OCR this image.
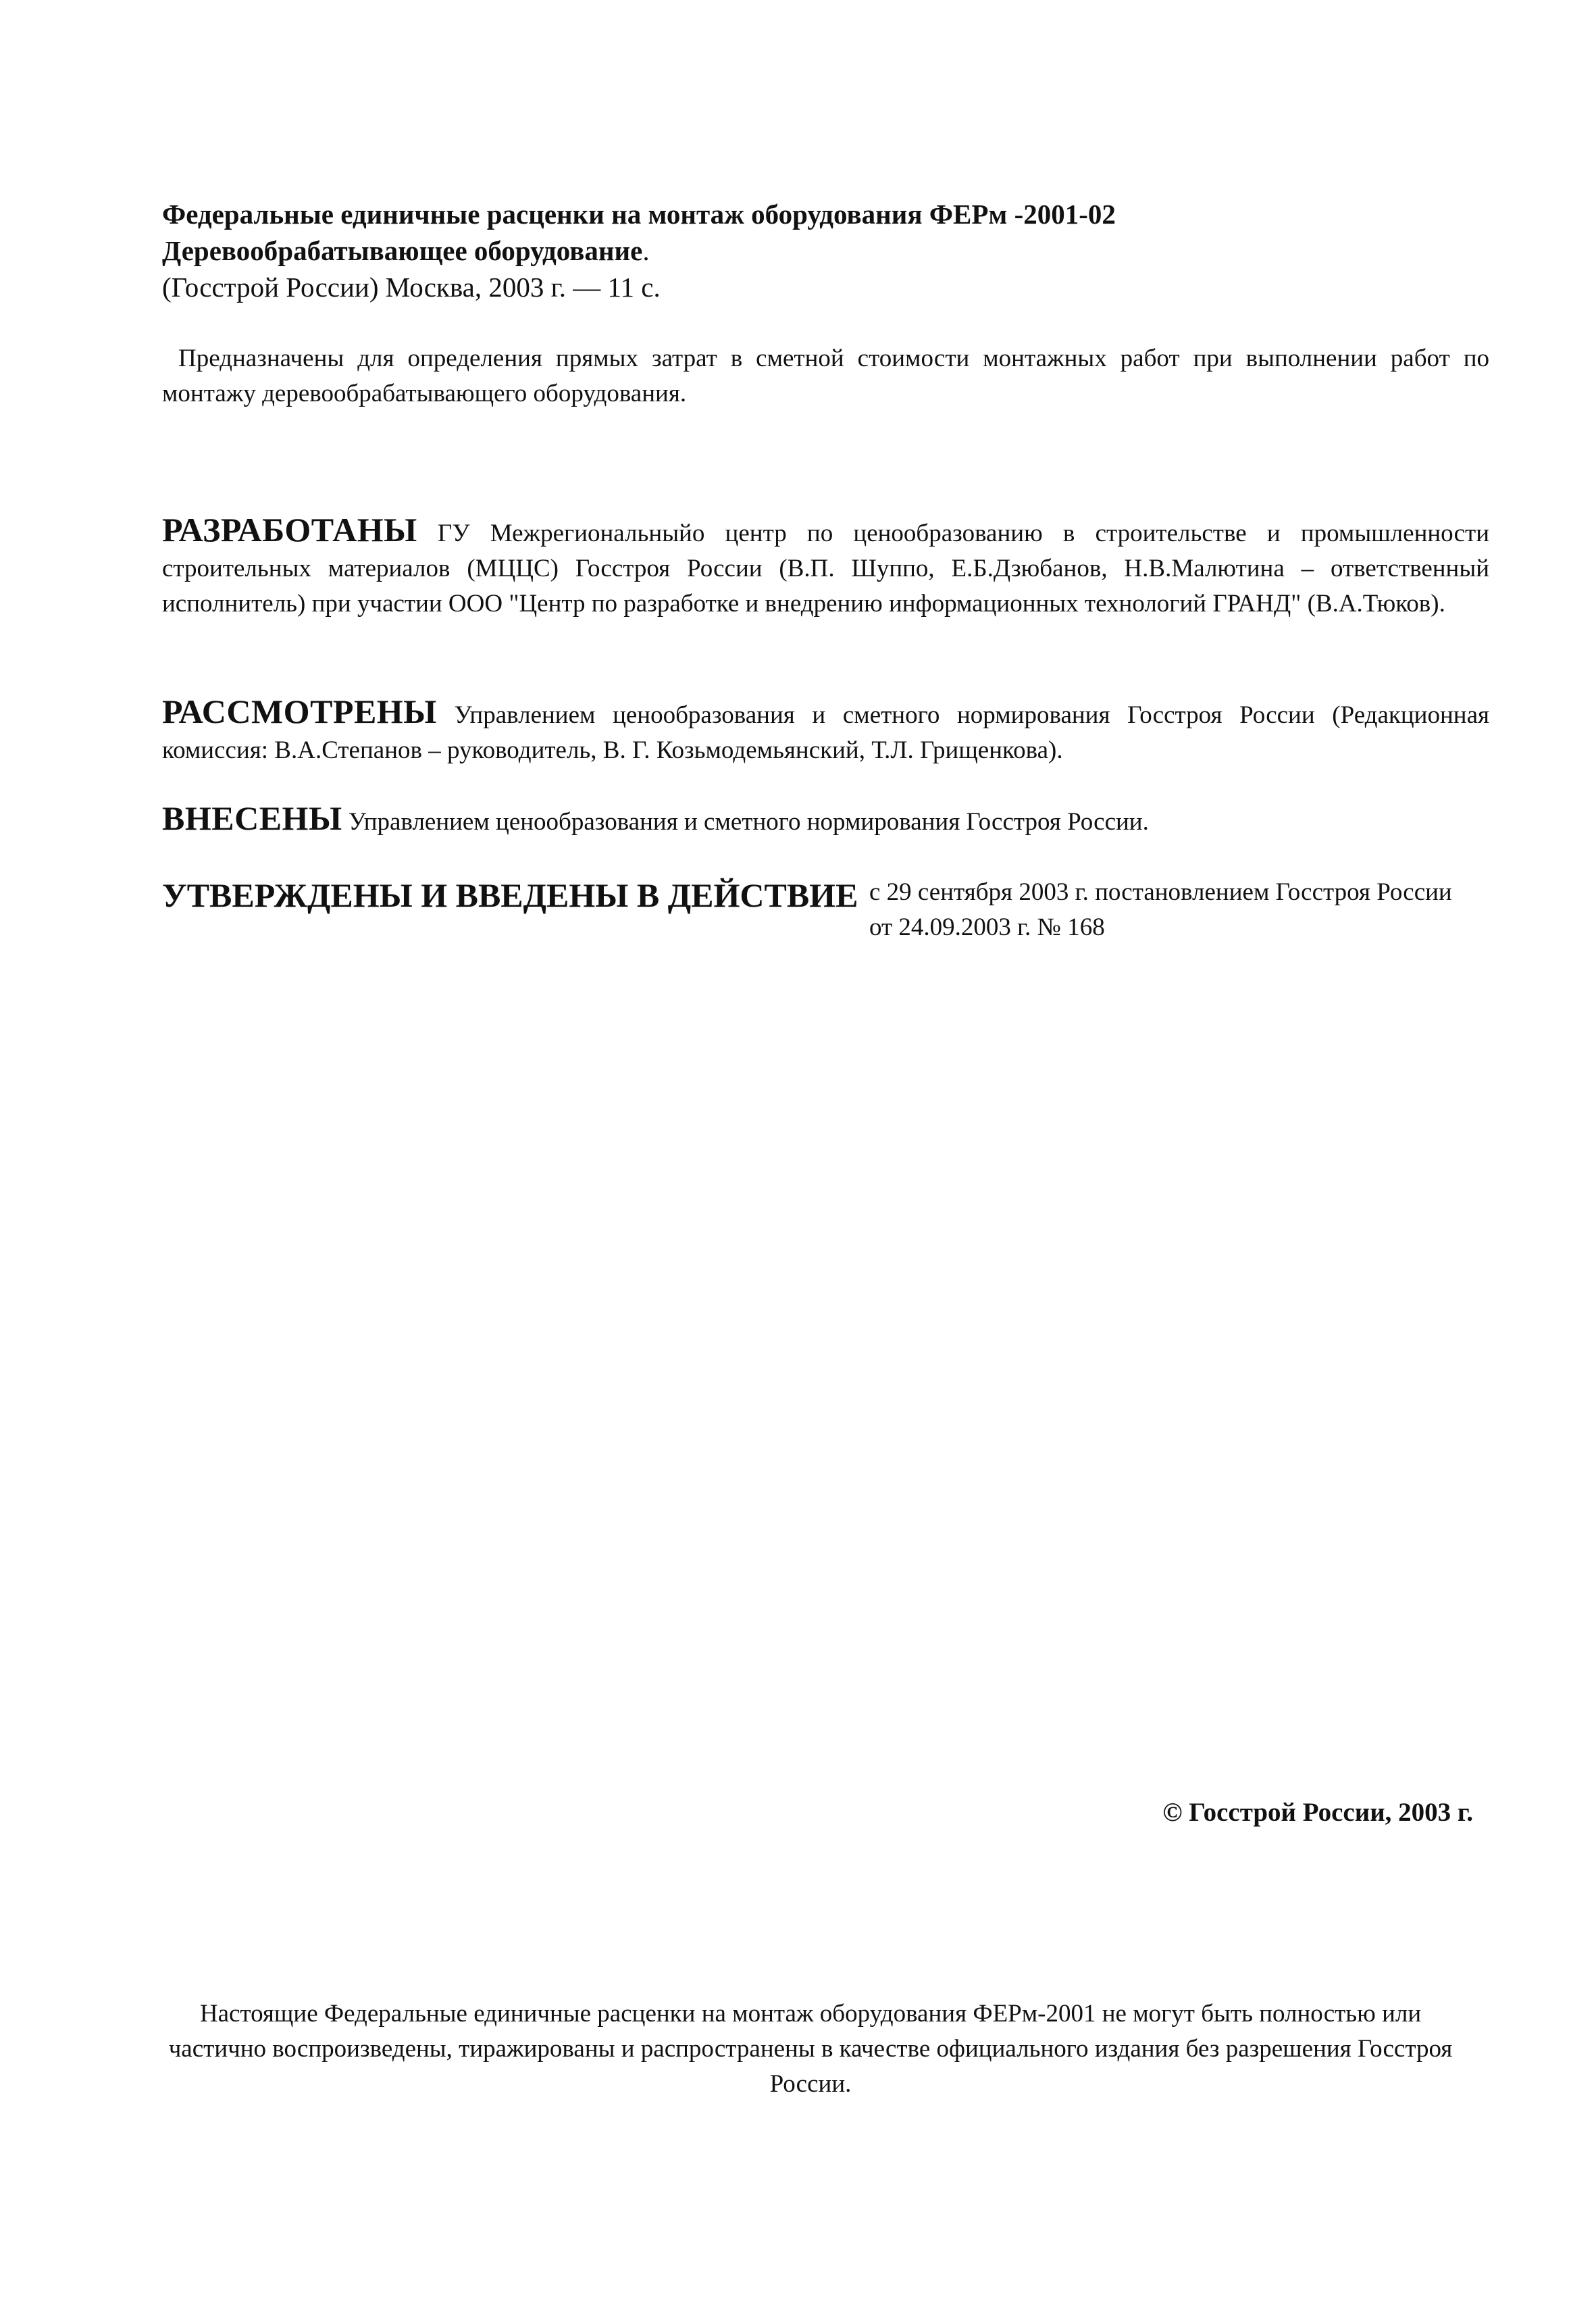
Федеральные единичные расценки на монтаж оборудования ФЕРм -2001-02
Деревообрабатывающее оборудование.
(Госстрой России) Москва, 2003 г. — 11 с.
Предназначены для определения прямых затрат в сметной стоимости монтажных работ при выполнении работ по монтажу деревообрабатывающего оборудования.
РАЗРАБОТАНЫ ГУ Межрегиональныйо центр по ценообразованию в строительстве и промышленности строительных материалов (МЦЦС) Госстроя России (В.П. Шуппо, Е.Б.Дзюбанов, Н.В.Малютина – ответственный исполнитель) при участии ООО "Центр по разработке и внедрению информационных технологий ГРАНД" (В.А.Тюков).
РАССМОТРЕНЫ Управлением ценообразования и сметного нормирования Госстроя России (Редакционная комиссия: В.А.Степанов – руководитель, В. Г. Козьмодемьянский, Т.Л. Грищенкова).
ВНЕСЕНЫ Управлением ценообразования и сметного нормирования Госстроя России.
УТВЕРЖДЕНЫ И ВВЕДЕНЫ В ДЕЙСТВИЕ с 29 сентября 2003 г. постановлением Госстроя России от 24.09.2003 г. № 168
© Госстрой России, 2003 г.
Настоящие Федеральные единичные расценки на монтаж оборудования ФЕРм-2001 не могут быть полностью или частично воспроизведены, тиражированы и распространены в качестве официального издания без разрешения Госстроя России.
